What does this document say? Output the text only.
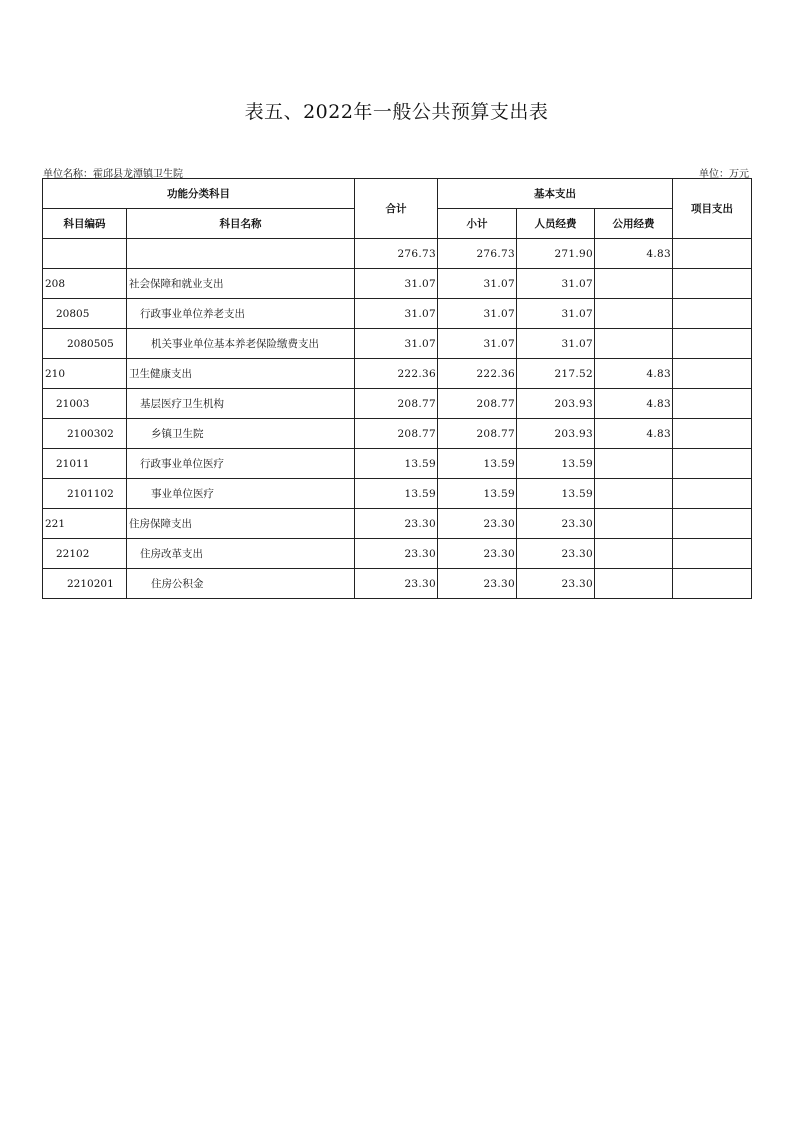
表五、2022年一般公共预算支出表
单位名称：霍邱县龙潭镇卫生院	单位：万元
功能分类科目		合计	基本支出			项目支出
科目编码	科目名称		小计	人员经费	公用经费	
		276.73	276.73	271.90	4.83	
208	社会保障和就业支出	31.07	31.07	31.07		
20805	行政事业单位养老支出	31.07	31.07	31.07		
2080505	机关事业单位基本养老保险缴费支出	31.07	31.07	31.07		
210	卫生健康支出	222.36	222.36	217.52	4.83	
21003	基层医疗卫生机构	208.77	208.77	203.93	4.83	
2100302	乡镇卫生院	208.77	208.77	203.93	4.83	
21011	行政事业单位医疗	13.59	13.59	13.59		
2101102	事业单位医疗	13.59	13.59	13.59		
221	住房保障支出	23.30	23.30	23.30		
22102	住房改革支出	23.30	23.30	23.30		
2210201	住房公积金	23.30	23.30	23.30		
